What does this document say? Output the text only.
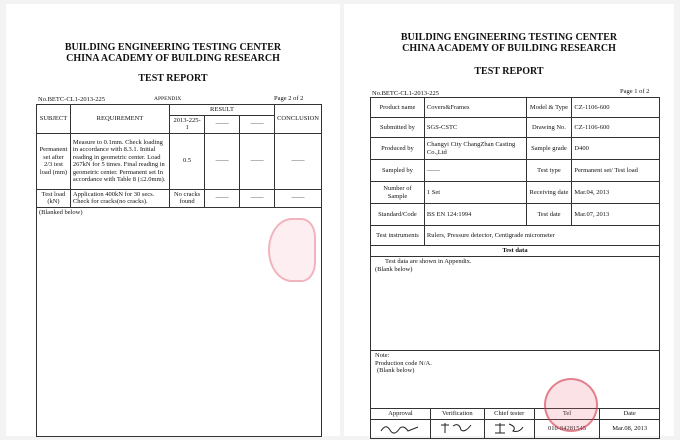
BUILDING ENGINEERING TESTING CENTER
CHINA ACADEMY OF BUILDING RESEARCH
TEST REPORT
No.BETC-CL1-2013-225	APPENDIX	Page 2 of 2
SUBJECT	REQUIREMENT	RESULT			CONCLUSION
		2013-225-1	——	——	
Permanent set after 2/3 test load (mm)	Measure to 0.1mm. Check loading in accordance with 8.3.1. Initial reading in geometric center. Load 267kN for 5 times. Final reading in geometric center. Permanent set In accordance with Table 8 (≤2.0mm).	0.5	——	——	——
Test load (kN)	Application 400kN for 30 secs. Check for cracks(no cracks).	No cracks found	——	——	——
(Blanked below)					
BUILDING ENGINEERING TESTING CENTER
CHINA ACADEMY OF BUILDING RESEARCH
TEST REPORT
No.BETC-CL1-2013-225	Page 1 of 2
Product name	Covers&Frames	Model & Type	CZ-1106-600
Submitted by	SGS-CSTC	Drawing No.	CZ-1106-600
Produced by	Changyi City ChangZhan Casting Co.,Ltd	Sample grade	D400
Sampled by	——	Test type	Permanent set/ Test load
Number of Sample	1 Set	Receiving date	Mar.04, 2013
Standard/Code	BS EN 124:1994	Test date	Mar.07, 2013
Test instruments	Rulers, Pressure detector, Centigrade micrometer		
Test data			

Test data are shown in Appendix.
(Blank below)			

Note:
Production code N/A.
(Blank below)			
Approval	Verification	Chief tester	Tel	Date
			010-84281545	Mar.08, 2013
